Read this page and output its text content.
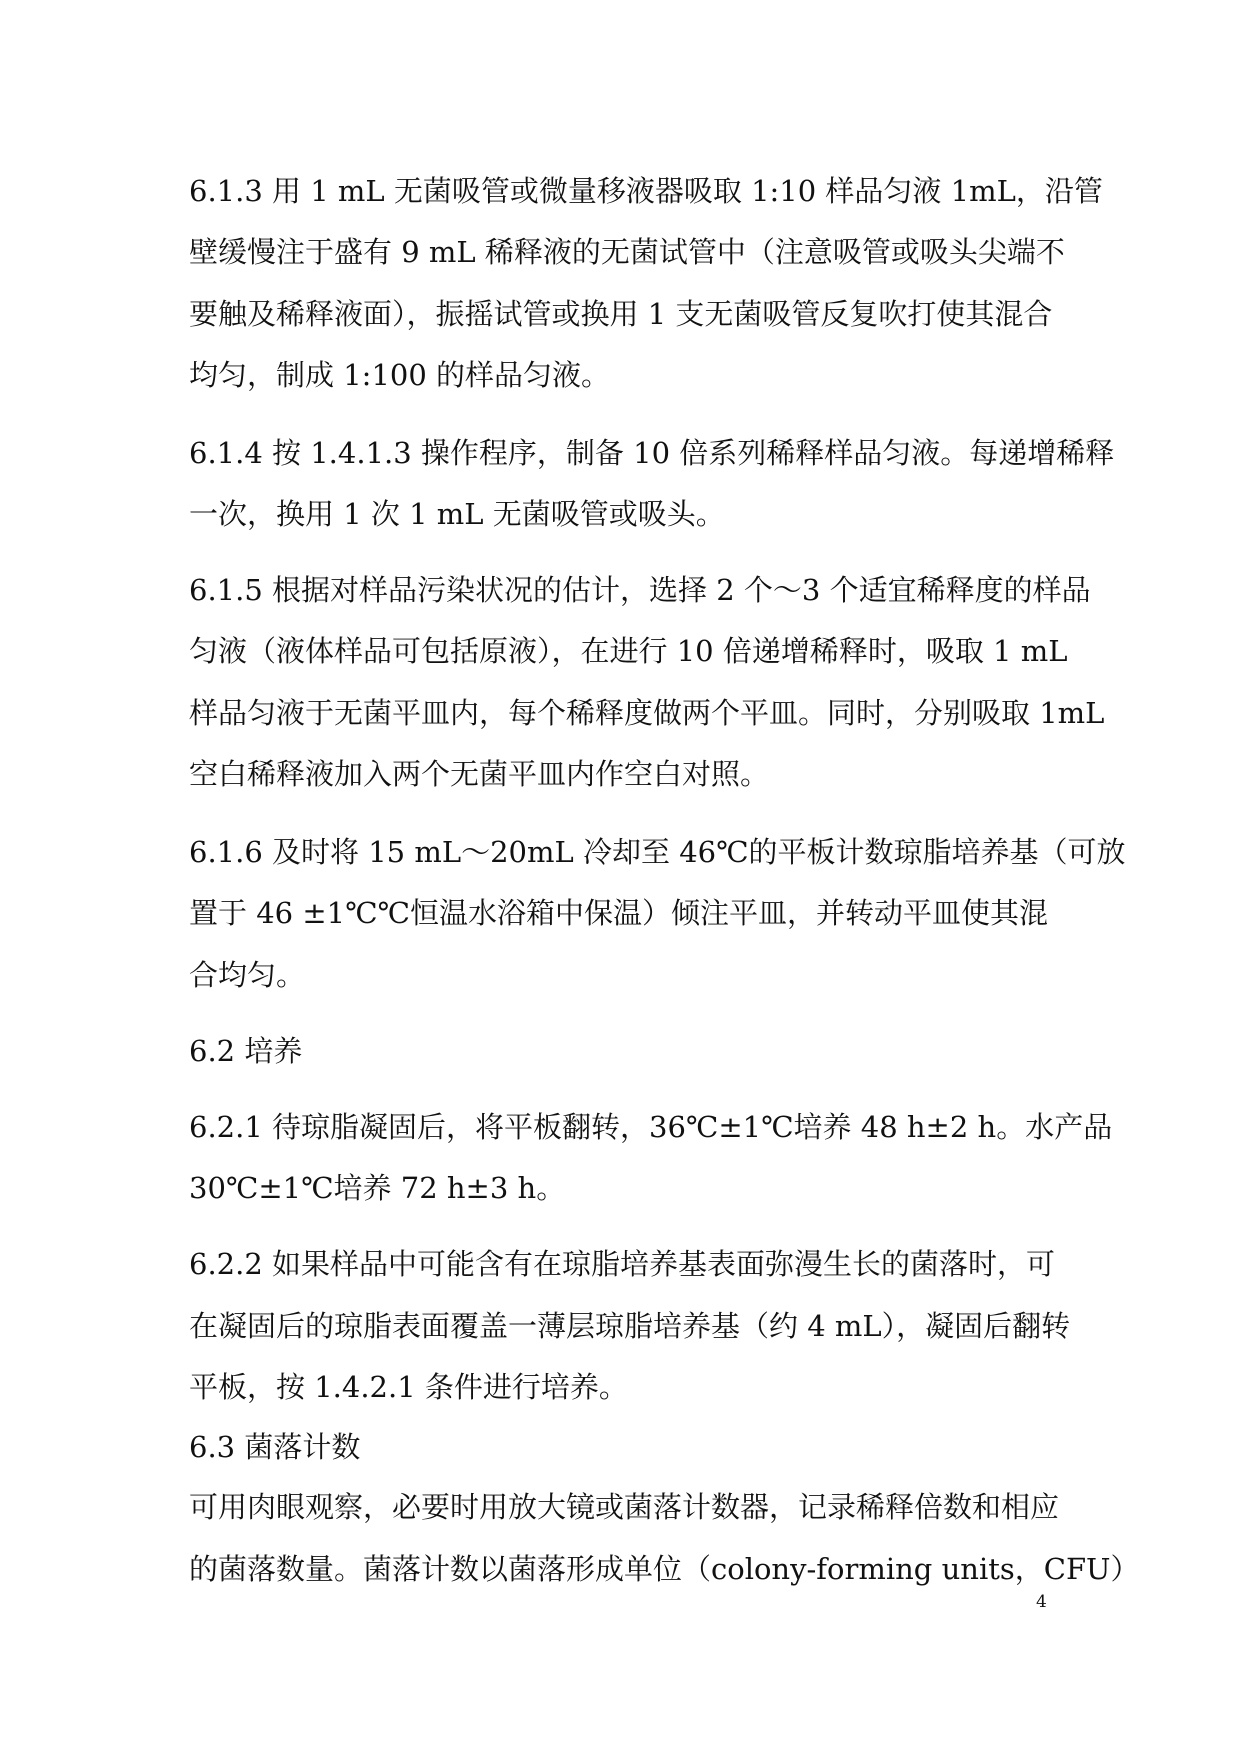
6.1.3 用 1 mL 无菌吸管或微量移液器吸取 1:10 样品匀液 1mL，沿管
壁缓慢注于盛有 9 mL 稀释液的无菌试管中（注意吸管或吸头尖端不
要触及稀释液面），振摇试管或换用 1 支无菌吸管反复吹打使其混合
均匀，制成 1:100 的样品匀液。
6.1.4 按 1.4.1.3 操作程序，制备 10 倍系列稀释样品匀液。每递增稀释
一次，换用 1 次 1 mL 无菌吸管或吸头。
6.1.5 根据对样品污染状况的估计，选择 2 个～3 个适宜稀释度的样品
匀液（液体样品可包括原液），在进行 10 倍递增稀释时，吸取 1 mL
样品匀液于无菌平皿内，每个稀释度做两个平皿。同时，分别吸取 1mL
空白稀释液加入两个无菌平皿内作空白对照。
6.1.6 及时将 15 mL～20mL 冷却至 46℃的平板计数琼脂培养基（可放
置于 46 ±1℃℃恒温水浴箱中保温）倾注平皿，并转动平皿使其混
合均匀。
6.2 培养
6.2.1 待琼脂凝固后，将平板翻转，36℃±1℃培养 48 h±2 h。水产品
30℃±1℃培养 72 h±3 h。
6.2.2 如果样品中可能含有在琼脂培养基表面弥漫生长的菌落时，可
在凝固后的琼脂表面覆盖一薄层琼脂培养基（约 4 mL），凝固后翻转
平板，按 1.4.2.1 条件进行培养。
6.3 菌落计数
可用肉眼观察，必要时用放大镜或菌落计数器，记录稀释倍数和相应
的菌落数量。菌落计数以菌落形成单位（colony-forming units，CFU）
4
